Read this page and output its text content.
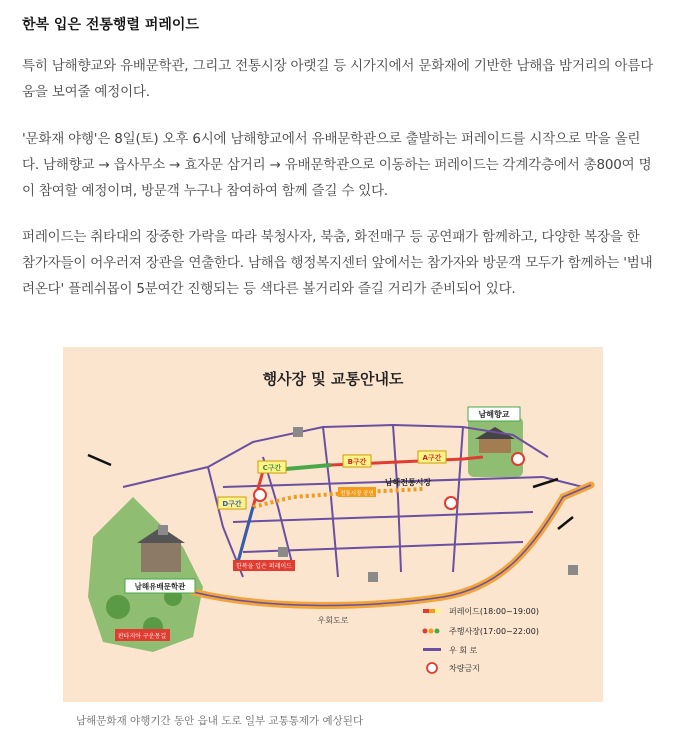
한복 입은 전통행렬 퍼레이드

특히 남해향교와 유배문학관, 그리고 전통시장 아랫길 등 시가지에서 문화재에 기반한 남해읍 밤거리의 아름다움을 보여줄 예정이다.

'문화재 야행'은 8일(토) 오후 6시에 남해향교에서 유배문학관으로 출발하는 퍼레이드를 시작으로 막을 올린다. 남해향교 → 읍사무소 → 효자문 삼거리 → 유배문학관으로 이동하는 퍼레이드는 각계각층에서 총800여 명이 참여할 예정이며, 방문객 누구나 참여하여 함께 즐길 수 있다.

퍼레이드는 취타대의 장중한 가락을 따라 북청사자, 북춤, 화전매구 등 공연패가 함께하고, 다양한 복장을 한 참가자들이 어우러져 장관을 연출한다. 남해읍 행정복지센터 앞에서는 참가자와 방문객 모두가 함께하는 '범내려온다' 플레쉬몹이 5분여간 진행되는 등 색다른 볼거리와 즐길 거리가 준비되어 있다.

행사장 및 교통안내도
우회도로
A구간
B구간
C구간
D구간
남해향교
남해전통시장
남해유배문학관
한복을 입은 퍼레이드
판타지아 구운몽길
전통시장 공연
퍼레이드(18:00~19:00)
주행사장(17:00~22:00)
우 회 로
차량금지

남해문화재 야행기간 동안 읍내 도로 일부 교통통제가 예상된다
